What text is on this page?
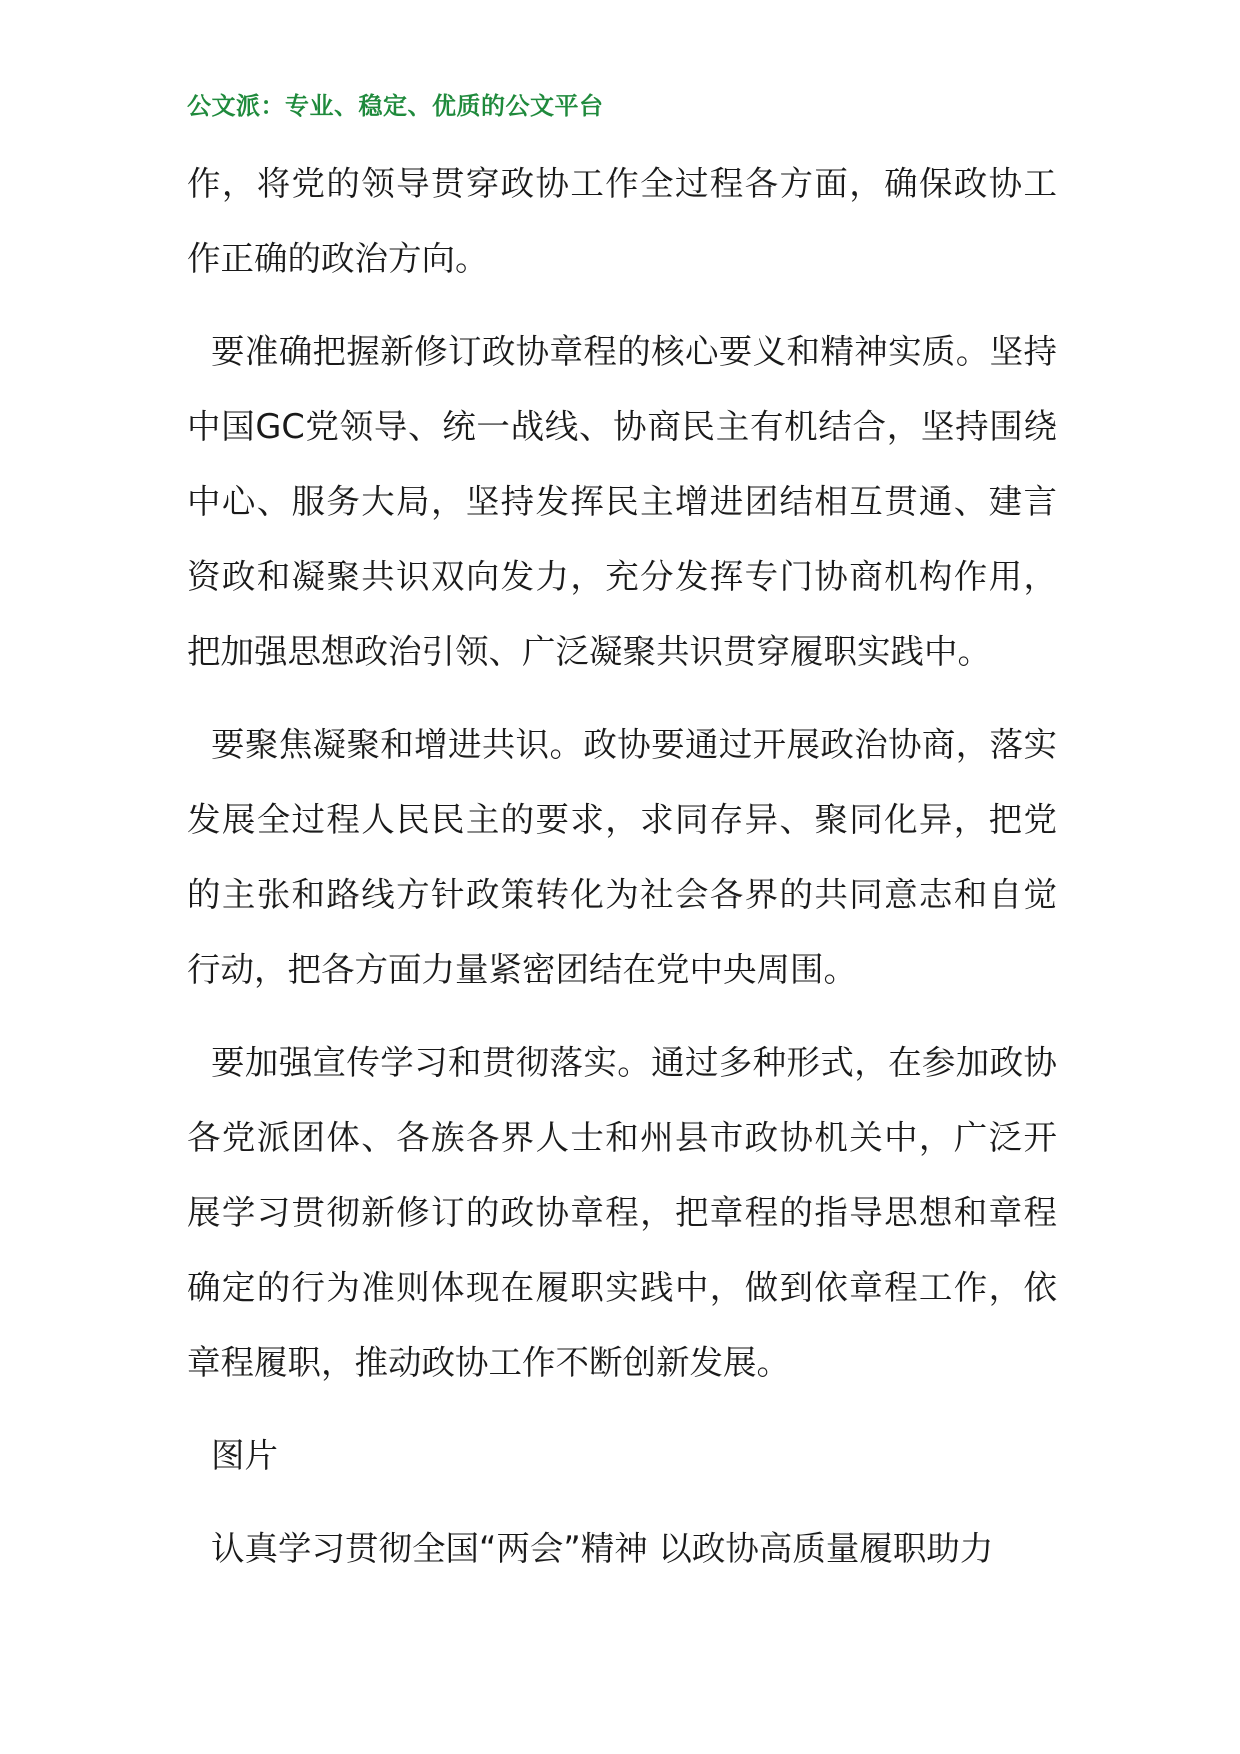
公文派：专业、稳定、优质的公文平台

作，将党的领导贯穿政协工作全过程各方面，确保政协工作正确的政治方向。

要准确把握新修订政协章程的核心要义和精神实质。坚持中国GC党领导、统一战线、协商民主有机结合，坚持围绕中心、服务大局，坚持发挥民主增进团结相互贯通、建言资政和凝聚共识双向发力，充分发挥专门协商机构作用，把加强思想政治引领、广泛凝聚共识贯穿履职实践中。

要聚焦凝聚和增进共识。政协要通过开展政治协商，落实发展全过程人民民主的要求，求同存异、聚同化异，把党的主张和路线方针政策转化为社会各界的共同意志和自觉行动，把各方面力量紧密团结在党中央周围。

要加强宣传学习和贯彻落实。通过多种形式，在参加政协各党派团体、各族各界人士和州县市政协机关中，广泛开展学习贯彻新修订的政协章程，把章程的指导思想和章程确定的行为准则体现在履职实践中，做到依章程工作，依章程履职，推动政协工作不断创新发展。

图片

认真学习贯彻全国“两会”精神 以政协高质量履职助力
